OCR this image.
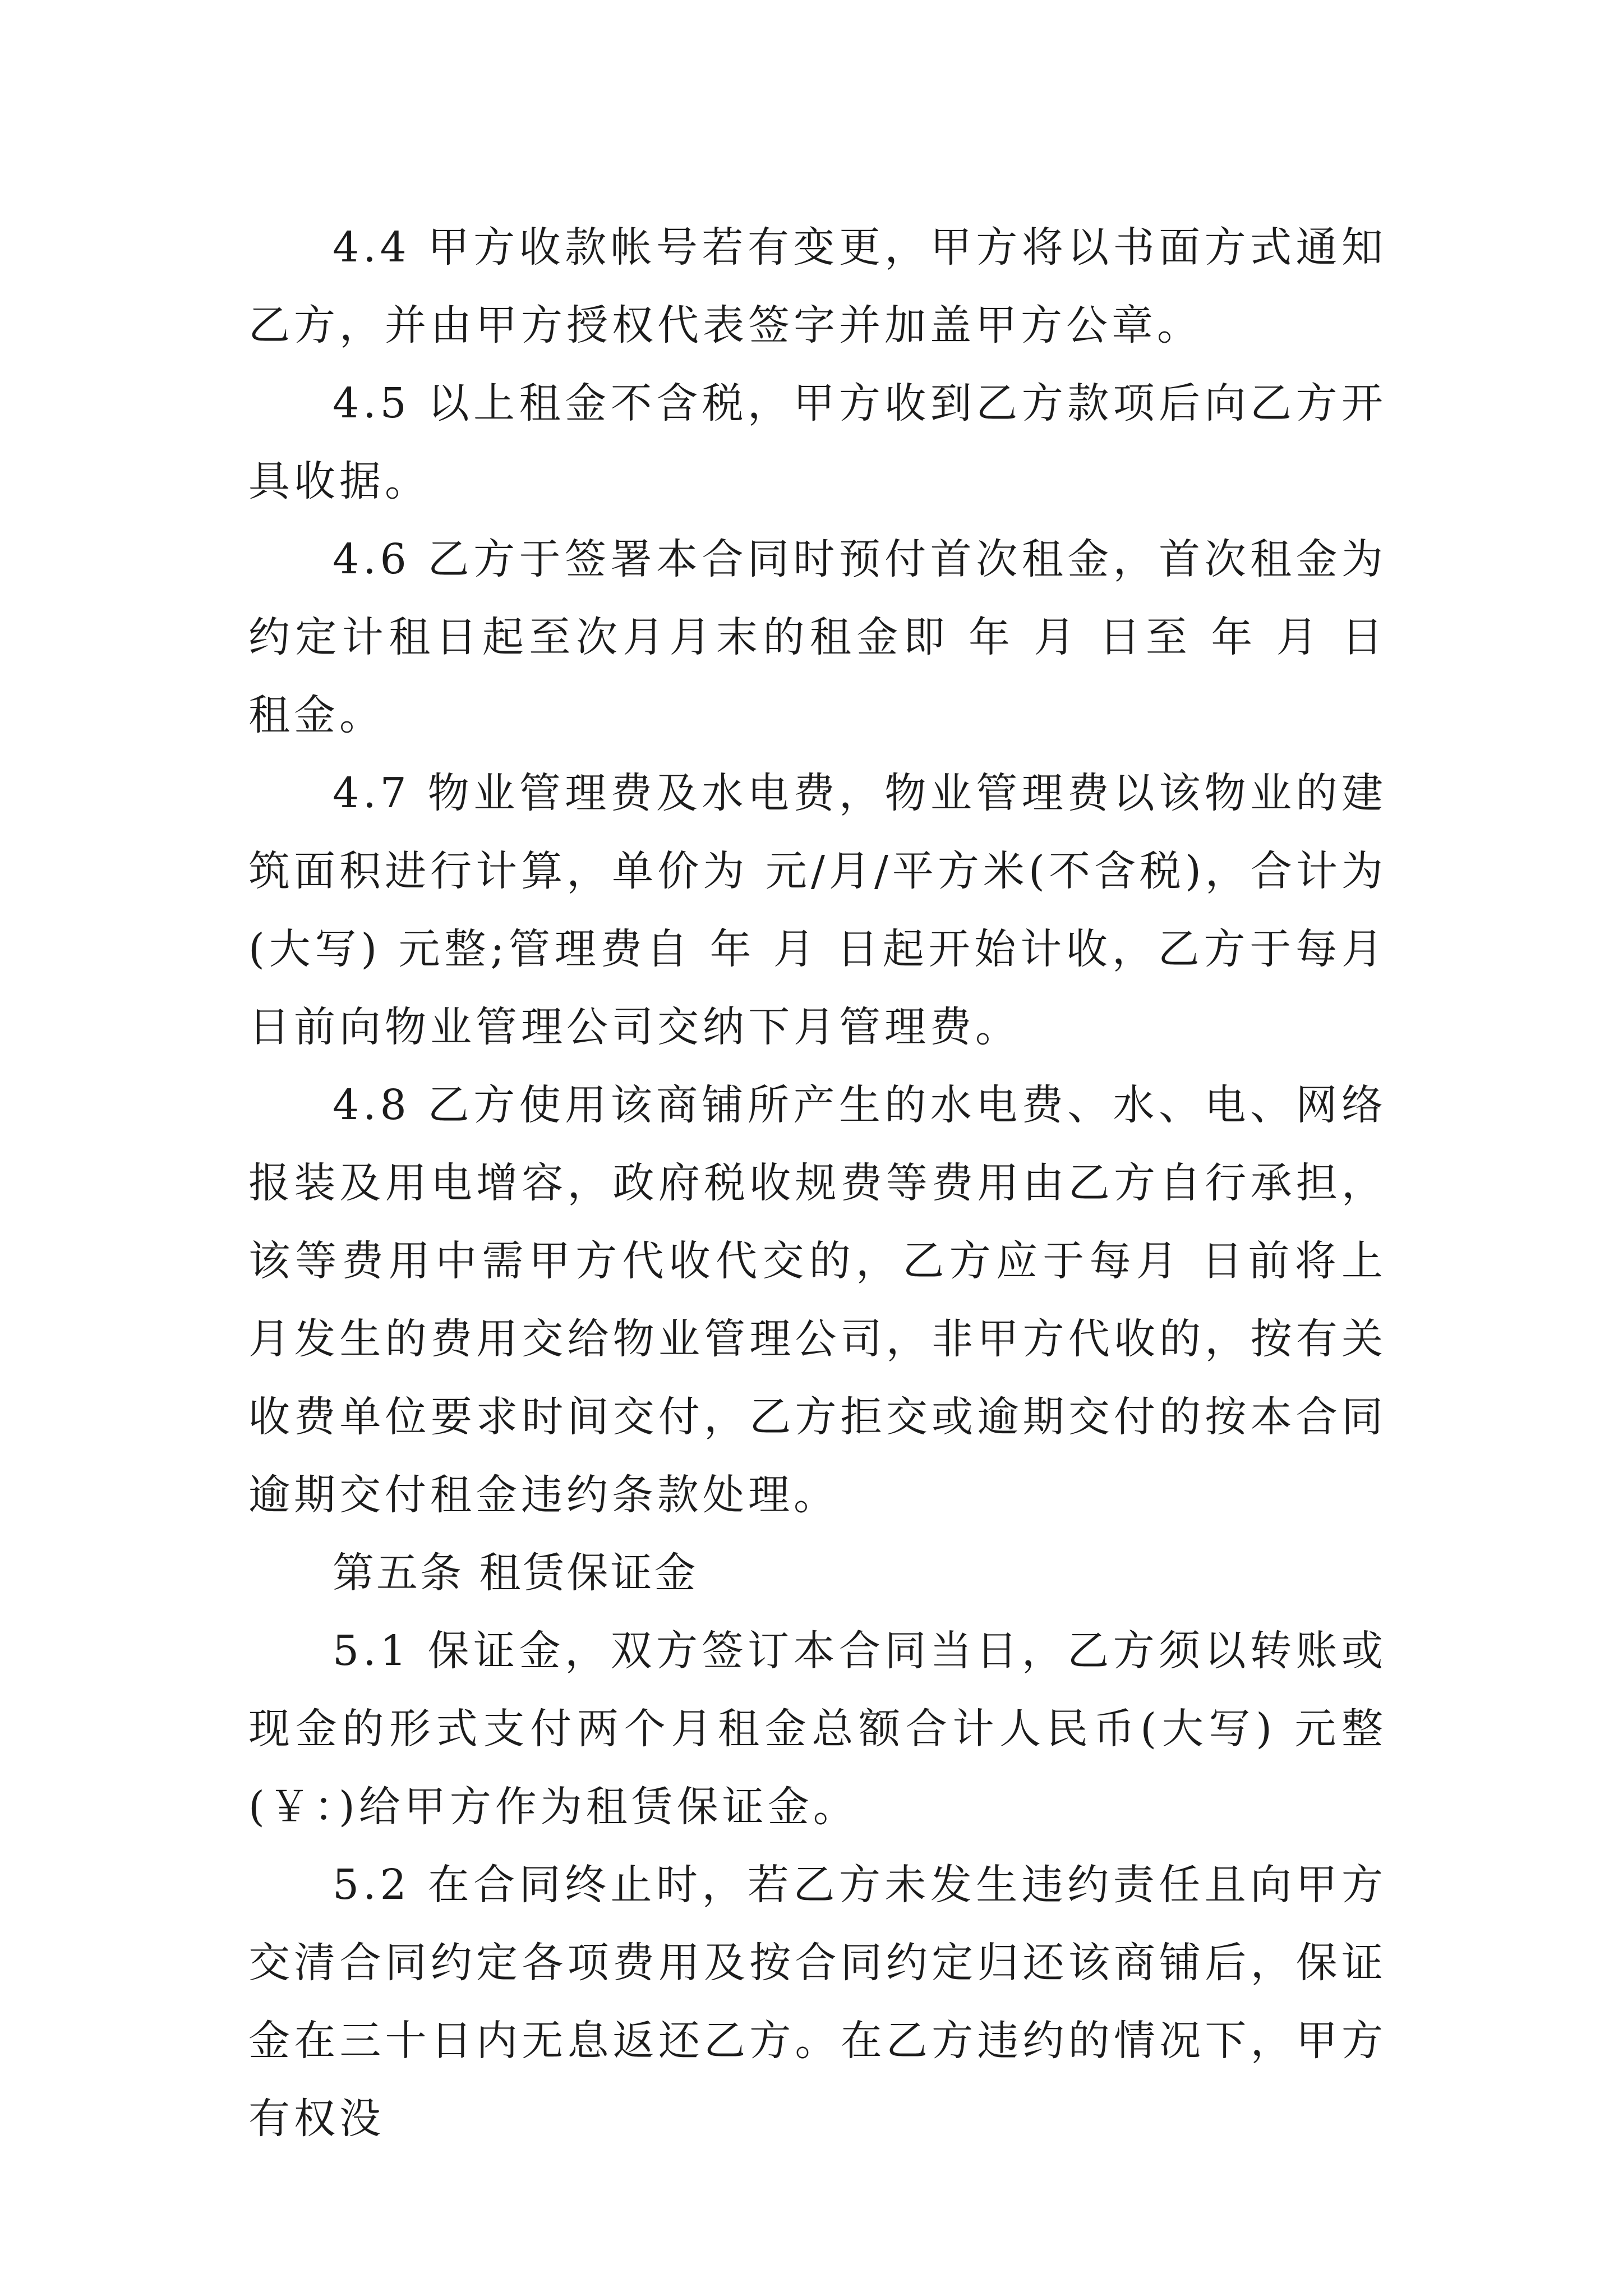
4.4 甲方收款帐号若有变更，甲方将以书面方式通知乙方，并由甲方授权代表签字并加盖甲方公章。

4.5 以上租金不含税，甲方收到乙方款项后向乙方开具收据。

4.6 乙方于签署本合同时预付首次租金，首次租金为约定计租日起至次月月末的租金即 年 月 日至 年 月 日租金。

4.7 物业管理费及水电费，物业管理费以该物业的建筑面积进行计算，单价为 元/月/平方米(不含税)，合计为(大写) 元整;管理费自 年 月 日起开始计收，乙方于每月 日前向物业管理公司交纳下月管理费。

4.8 乙方使用该商铺所产生的水电费、水、电、网络报装及用电增容，政府税收规费等费用由乙方自行承担，该等费用中需甲方代收代交的，乙方应于每月 日前将上月发生的费用交给物业管理公司，非甲方代收的，按有关收费单位要求时间交付，乙方拒交或逾期交付的按本合同逾期交付租金违约条款处理。

第五条 租赁保证金

5.1 保证金，双方签订本合同当日，乙方须以转账或现金的形式支付两个月租金总额合计人民币(大写) 元整(￥：)给甲方作为租赁保证金。

5.2 在合同终止时，若乙方未发生违约责任且向甲方交清合同约定各项费用及按合同约定归还该商铺后，保证金在三十日内无息返还乙方。在乙方违约的情况下，甲方有权没
